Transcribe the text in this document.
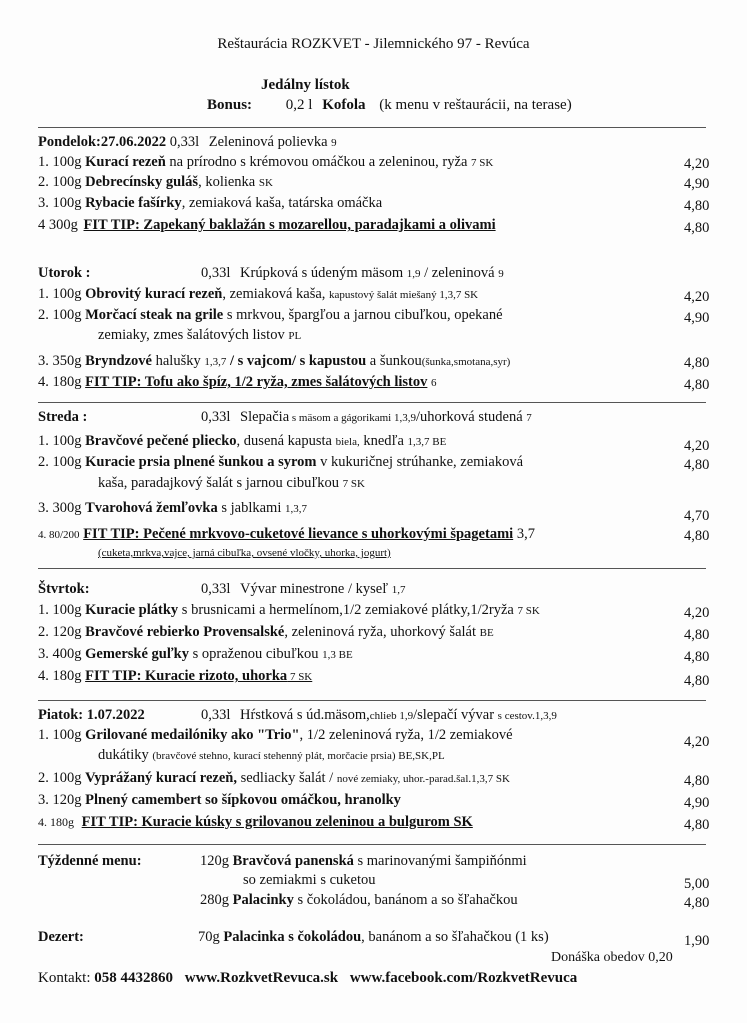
Reštaurácia ROZKVET - Jilemnického 97 - Revúca
Jedálny lístok
Bonus: 0,2 l Kofola (k menu v reštaurácii, na terase)
Pondelok:27.06.2022 0,33l Zeleninová polievka 9
1. 100g Kurací rezeň na prírodno s krémovou omáčkou a zeleninou, ryža 7 SK	4,20
2. 100g Debrecínsky guláš, kolienka SK	4,90
3. 100g Rybacie fašírky, zemiaková kaša, tatárska omáčka	4,80
4 300g FIT TIP: Zapekaný baklažán s mozarellou, paradajkami a olivami	4,80
Utorok :	0,33l Krúpková s údeným mäsom 1,9 / zeleninová 9
1. 100g Obrovitý kurací rezeň, zemiaková kaša, kapustový šalát miešaný 1,3,7 SK	4,20
2. 100g Morčací steak na grile s mrkvou, špargľou a jarnou cibuľkou, opekané	4,90
zemiaky, zmes šalátových listov PL
3. 350g Bryndzové halušky 1,3,7 / s vajcom/ s kapustou a šunkou(šunka,smotana,syr)	4,80
4. 180g FIT TIP: Tofu ako špíz, 1/2 ryža, zmes šalátových listov 6	4,80
Streda :	0,33l Slepačia s mäsom a gágorikami 1,3,9/uhorková studená 7
1. 100g Bravčové pečené pliecko, dusená kapusta biela, knedľa 1,3,7 BE	4,20
2. 100g Kuracie prsia plnené šunkou a syrom v kukuričnej strúhanke, zemiaková	4,80
kaša, paradajkový šalát s jarnou cibuľkou 7 SK
3. 300g Tvarohová žemľovka s jablkami 1,3,7	4,70
4. 80/200 FIT TIP: Pečené mrkvovo-cuketové lievance s uhorkovými špagetami 3,7	4,80
(cuketa,mrkva,vajce, jarná cibuľka, ovsené vločky, uhorka, jogurt)
Štvrtok:	0,33l Vývar minestrone / kyseľ 1,7
1. 100g Kuracie plátky s brusnicami a hermelínom,1/2 zemiakové plátky,1/2ryža 7 SK	4,20
2. 120g Bravčové rebierko Provensalské, zeleninová ryža, uhorkový šalát BE	4,80
3. 400g Gemerské guľky s opraženou cibuľkou 1,3 BE	4,80
4. 180g FIT TIP: Kuracie rizoto, uhorka 7 SK	4,80
Piatok: 1.07.2022	0,33l Hŕstková s úd.mäsom,chlieb 1,9/slepačí vývar s cestov.1,3,9
1. 100g Grilované medailóniky ako "Trio", 1/2 zeleninová ryža, 1/2 zemiakové	4,20
dukátiky (bravčové stehno, kurací stehenný plát, morčacie prsia) BE,SK,PL
2. 100g Vyprážaný kurací rezeň, sedliacky šalát / nové zemiaky, uhor.-parad.šal.1,3,7 SK	4,80
3. 120g Plnený camembert so šípkovou omáčkou, hranolky	4,90
4. 180g FIT TIP: Kuracie kúsky s grilovanou zeleninou a bulgurom SK	4,80
Týždenné menu:	120g Bravčová panenská s marinovanými šampiňónmi
so zemiakmi s cuketou	5,00
280g Palacinky s čokoládou, banánom a so šľahačkou	4,80
Dezert:	70g Palacinka s čokoládou, banánom a so šľahačkou (1 ks)	1,90
Donáška obedov 0,20
Kontakt: 058 4432860 www.RozkvetRevuca.sk www.facebook.com/RozkvetRevuca
